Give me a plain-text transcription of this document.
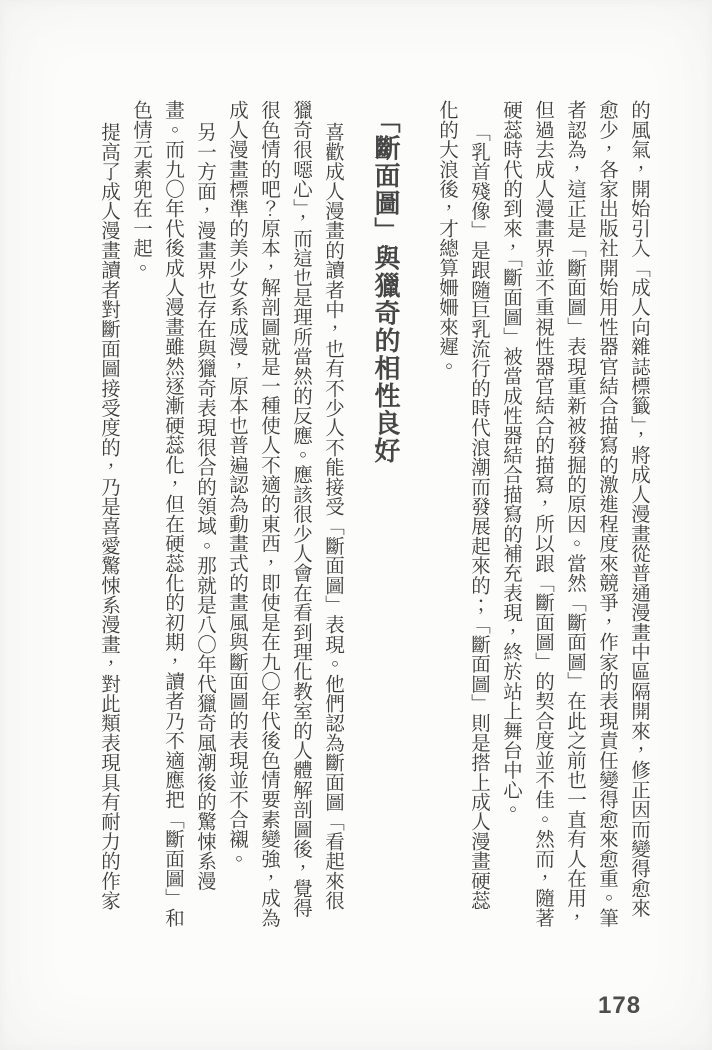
的風氣，開始引入「成人向雜誌標籤」，將成人漫畫從普通漫畫中區隔開來，修正因而變得愈來
愈少，各家出版社開始用性器官結合描寫的激進程度來競爭，作家的表現責任變得愈來愈重。筆
者認為，這正是「斷面圖」表現重新被發掘的原因。當然「斷面圖」在此之前也一直有人在用，
但過去成人漫畫界並不重視性器官結合的描寫，所以跟「斷面圖」的契合度並不佳。然而，隨著
硬蕊時代的到來，「斷面圖」被當成性器結合描寫的補充表現，終於站上舞台中心。
「乳首殘像」是跟隨巨乳流行的時代浪潮而發展起來的；「斷面圖」則是搭上成人漫畫硬蕊
化的大浪後，才總算姍姍來遲。
「斷面圖」與獵奇的相性良好
喜歡成人漫畫的讀者中，也有不少人不能接受「斷面圖」表現。他們認為斷面圖「看起來很
獵奇很噁心」，而這也是理所當然的反應。應該很少人會在看到理化教室的人體解剖圖後，覺得
很色情的吧？原本，解剖圖就是一種使人不適的東西，即使是在九〇年代後色情要素變強，成為
成人漫畫標準的美少女系成漫，原本也普遍認為動畫式的畫風與斷面圖的表現並不合襯。
另一方面，漫畫界也存在與獵奇表現很合的領域。那就是八〇年代獵奇風潮後的驚悚系漫
畫。而九〇年代後成人漫畫雖然逐漸硬蕊化，但在硬蕊化的初期，讀者乃不適應把「斷面圖」和
色情元素兜在一起。
提高了成人漫畫讀者對斷面圖接受度的，乃是喜愛驚悚系漫畫，對此類表現具有耐力的作家
178
